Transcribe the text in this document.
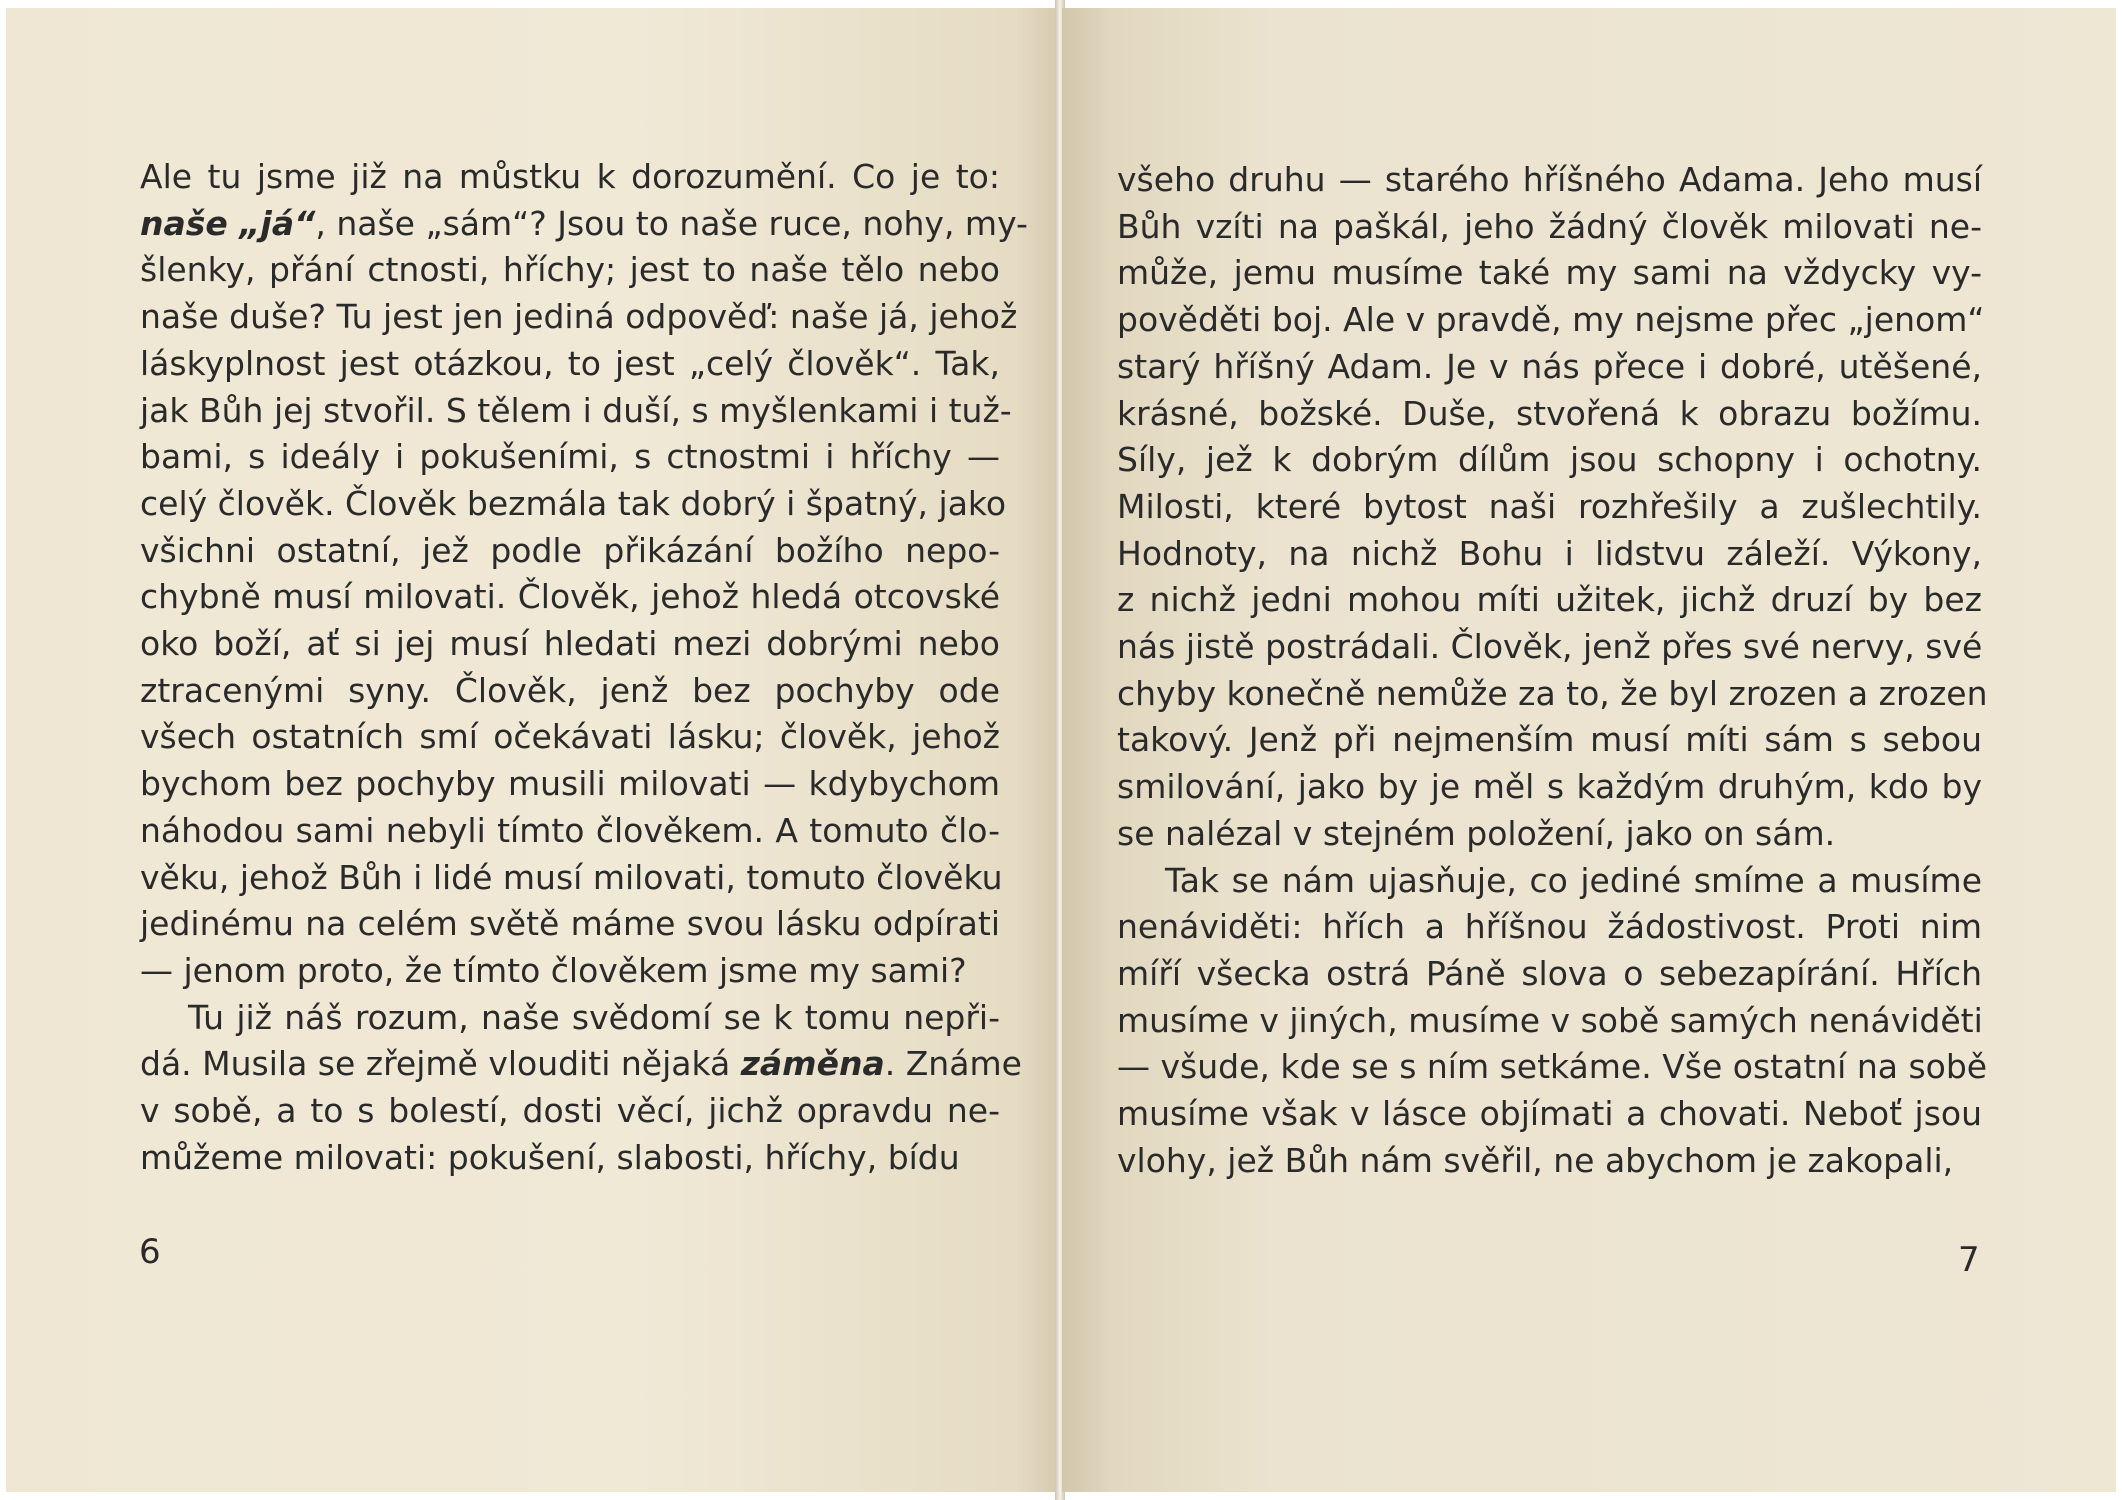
Ale tu jsme již na můstku k dorozumění. Co je to:
naše „já“, naše „sám“? Jsou to naše ruce, nohy, my-
šlenky, přání ctnosti, hříchy; jest to naše tělo nebo
naše duše? Tu jest jen jediná odpověď: naše já, jehož
láskyplnost jest otázkou, to jest „celý člověk“. Tak,
jak Bůh jej stvořil. S tělem i duší, s myšlenkami i tuž-
bami, s ideály i pokušeními, s ctnostmi i hříchy —
celý člověk. Člověk bezmála tak dobrý i špatný, jako
všichni ostatní, jež podle přikázání božího nepo-
chybně musí milovati. Člověk, jehož hledá otcovské
oko boží, ať si jej musí hledati mezi dobrými nebo
ztracenými syny. Člověk, jenž bez pochyby ode
všech ostatních smí očekávati lásku; člověk, jehož
bychom bez pochyby musili milovati — kdybychom
náhodou sami nebyli tímto člověkem. A tomuto člo-
věku, jehož Bůh i lidé musí milovati, tomuto člověku
jedinému na celém světě máme svou lásku odpírati
— jenom proto, že tímto člověkem jsme my sami?
Tu již náš rozum, naše svědomí se k tomu nepři-
dá. Musila se zřejmě vlouditi nějaká záměna. Známe
v sobě, a to s bolestí, dosti věcí, jichž opravdu ne-
můžeme milovati: pokušení, slabosti, hříchy, bídu
6
všeho druhu — starého hříšného Adama. Jeho musí
Bůh vzíti na paškál, jeho žádný člověk milovati ne-
může, jemu musíme také my sami na vždycky vy-
pověděti boj. Ale v pravdě, my nejsme přec „jenom“
starý hříšný Adam. Je v nás přece i dobré, utěšené,
krásné, božské. Duše, stvořená k obrazu božímu.
Síly, jež k dobrým dílům jsou schopny i ochotny.
Milosti, které bytost naši rozhřešily a zušlechtily.
Hodnoty, na nichž Bohu i lidstvu záleží. Výkony,
z nichž jedni mohou míti užitek, jichž druzí by bez
nás jistě postrádali. Člověk, jenž přes své nervy, své
chyby konečně nemůže za to, že byl zrozen a zrozen
takový. Jenž při nejmenším musí míti sám s sebou
smilování, jako by je měl s každým druhým, kdo by
se nalézal v stejném položení, jako on sám.
Tak se nám ujasňuje, co jediné smíme a musíme
nenáviděti: hřích a hříšnou žádostivost. Proti nim
míří všecka ostrá Páně slova o sebezapírání. Hřích
musíme v jiných, musíme v sobě samých nenáviděti
— všude, kde se s ním setkáme. Vše ostatní na sobě
musíme však v lásce objímati a chovati. Neboť jsou
vlohy, jež Bůh nám svěřil, ne abychom je zakopali,
7
